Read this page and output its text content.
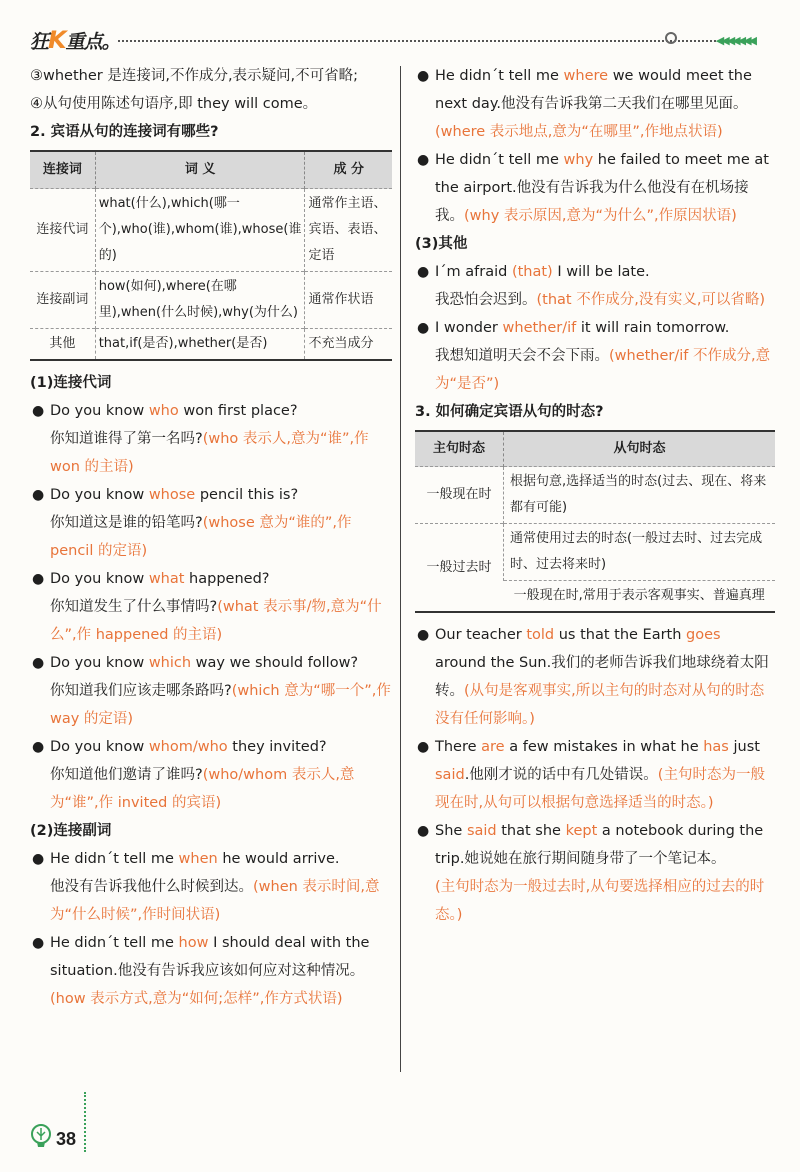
狂K重点。	◀◀◀◀◀◀◀

③whether 是连接词,不作成分,表示疑问,不可省略;

④从句使用陈述句语序,即 they will come。

2. 宾语从句的连接词有哪些?

连接词	词 义	成 分
连接代词	what(什么),which(哪一个),who(谁),whom(谁),whose(谁的)	通常作主语、宾语、表语、定语
连接副词	how(如何),where(在哪里),when(什么时候),why(为什么)	通常作状语
其他	that,if(是否),whether(是否)	不充当成分

(1)连接代词

● Do you know who won first place?

你知道谁得了第一名吗?(who 表示人,意为“谁”,作 won 的主语)

● Do you know whose pencil this is?

你知道这是谁的铅笔吗?(whose 意为“谁的”,作 pencil 的定语)

● Do you know what happened?

你知道发生了什么事情吗?(what 表示事/物,意为“什么”,作 happened 的主语)

● Do you know which way we should follow?

你知道我们应该走哪条路吗?(which 意为“哪一个”,作 way 的定语)

● Do you know whom/who they invited?

你知道他们邀请了谁吗?(who/whom 表示人,意为“谁”,作 invited 的宾语)

(2)连接副词

● He didn´t tell me when he would arrive.

他没有告诉我他什么时候到达。(when 表示时间,意为“什么时候”,作时间状语)

● He didn´t tell me how I should deal with the situation.他没有告诉我应该如何应对这种情况。

(how 表示方式,意为“如何;怎样”,作方式状语)

● He didn´t tell me where we would meet the next day.他没有告诉我第二天我们在哪里见面。(where 表示地点,意为“在哪里”,作地点状语)

● He didn´t tell me why he failed to meet me at the airport.他没有告诉我为什么他没有在机场接我。(why 表示原因,意为“为什么”,作原因状语)

(3)其他

● I´m afraid (that) I will be late.

我恐怕会迟到。(that 不作成分,没有实义,可以省略)

● I wonder whether/if it will rain tomorrow.

我想知道明天会不会下雨。(whether/if 不作成分,意为“是否”)

3. 如何确定宾语从句的时态?

主句时态	从句时态
一般现在时	根据句意,选择适当的时态(过去、现在、将来都有可能)
一般过去时	通常使用过去的时态(一般过去时、过去完成时、过去将来时)
	一般现在时,常用于表示客观事实、普遍真理
● Our teacher told us that the Earth goes around the Sun.我们的老师告诉我们地球绕着太阳转。(从句是客观事实,所以主句的时态对从句的时态没有任何影响。)

● There are a few mistakes in what he has just said.他刚才说的话中有几处错误。(主句时态为一般现在时,从句可以根据句意选择适当的时态。)

● She said that she kept a notebook during the trip.她说她在旅行期间随身带了一个笔记本。

(主句时态为一般过去时,从句要选择相应的过去的时态。)

38
